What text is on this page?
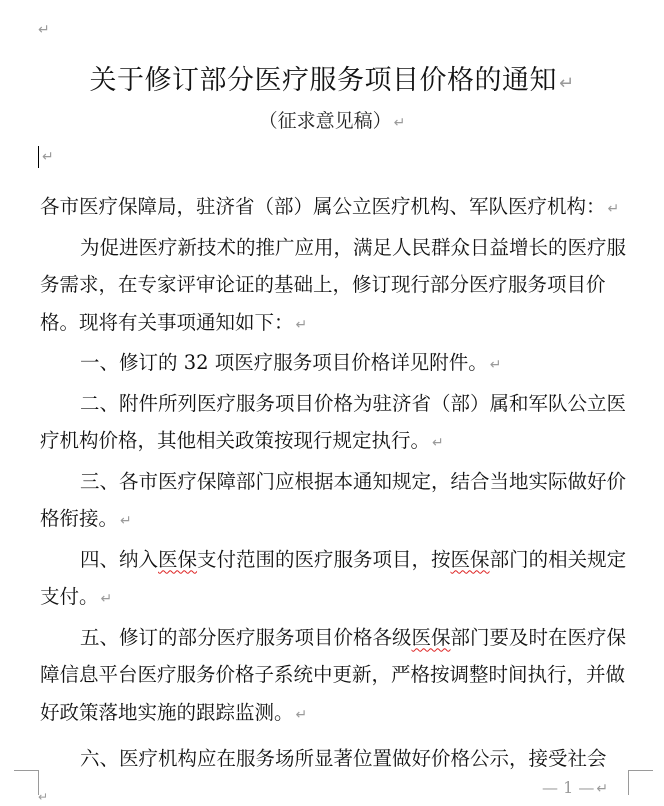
↵
关于修订部分医疗服务项目价格的通知 ↵
（征求意见稿） ↵
↵

各市医疗保障局，驻济省（部）属公立医疗机构、军队医疗机构： ↵

为促进医疗新技术的推广应用，满足人民群众日益增长的医疗服务需求，在专家评审论证的基础上，修订现行部分医疗服务项目价格。现将有关事项通知如下： ↵

一、修订的 32 项医疗服务项目价格详见附件。 ↵

二、附件所列医疗服务项目价格为驻济省（部）属和军队公立医疗机构价格，其他相关政策按现行规定执行。 ↵

三、各市医疗保障部门应根据本通知规定，结合当地实际做好价格衔接。 ↵

四、纳入医保支付范围的医疗服务项目，按医保部门的相关规定支付。 ↵

五、修订的部分医疗服务项目价格各级医保部门要及时在医疗保障信息平台医疗服务价格子系统中更新，严格按调整时间执行，并做好政策落地实施的跟踪监测。 ↵

六、医疗机构应在服务场所显著位置做好价格公示，接受社会

— 1 — ↵
↵
